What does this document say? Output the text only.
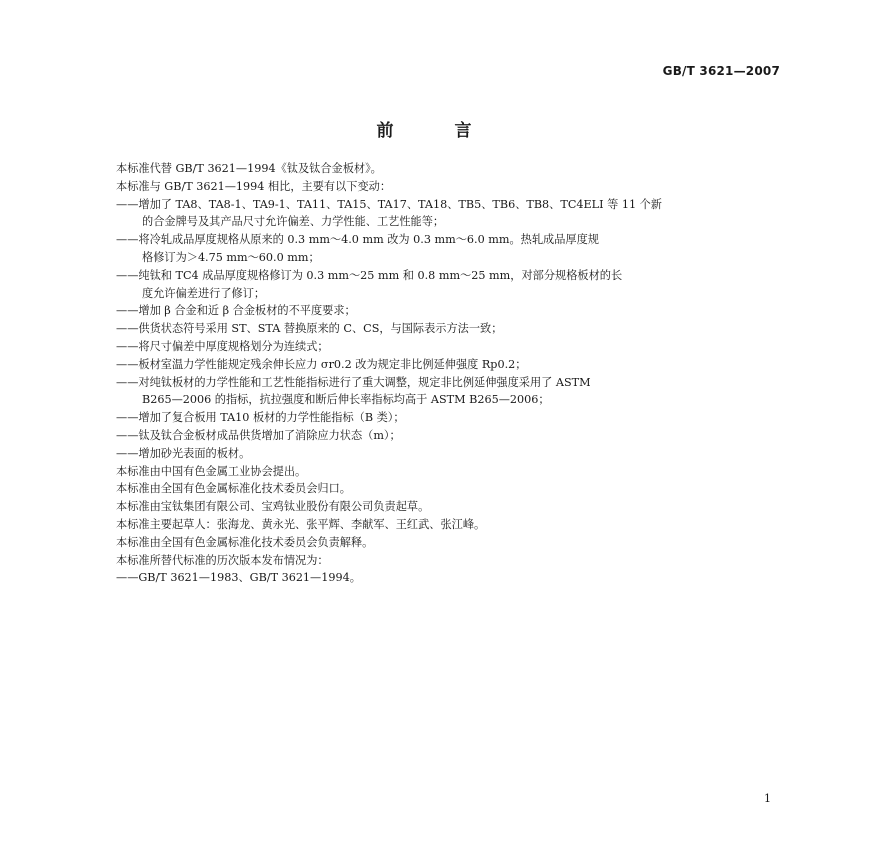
GB/T 3621—2007
前　言
本标准代替 GB/T 3621—1994《钛及钛合金板材》。
本标准与 GB/T 3621—1994 相比，主要有以下变动：
——增加了 TA8、TA8-1、TA9-1、TA11、TA15、TA17、TA18、TB5、TB6、TB8、TC4ELI 等 11 个新
的合金牌号及其产品尺寸允许偏差、力学性能、工艺性能等；
——将冷轧成品厚度规格从原来的 0.3 mm～4.0 mm 改为 0.3 mm～6.0 mm。热轧成品厚度规
格修订为＞4.75 mm～60.0 mm；
——纯钛和 TC4 成品厚度规格修订为 0.3 mm～25 mm 和 0.8 mm～25 mm，对部分规格板材的长
度允许偏差进行了修订；
——增加 β 合金和近 β 合金板材的不平度要求；
——供货状态符号采用 ST、STA 替换原来的 C、CS，与国际表示方法一致；
——将尺寸偏差中厚度规格划分为连续式；
——板材室温力学性能规定残余伸长应力 σr0.2 改为规定非比例延伸强度 Rp0.2；
——对纯钛板材的力学性能和工艺性能指标进行了重大调整，规定非比例延伸强度采用了 ASTM
B265—2006 的指标，抗拉强度和断后伸长率指标均高于 ASTM B265—2006；
——增加了复合板用 TA10 板材的力学性能指标（B 类）；
——钛及钛合金板材成品供货增加了消除应力状态（m）；
——增加砂光表面的板材。
本标准由中国有色金属工业协会提出。
本标准由全国有色金属标准化技术委员会归口。
本标准由宝钛集团有限公司、宝鸡钛业股份有限公司负责起草。
本标准主要起草人：张海龙、黄永光、张平辉、李献军、王红武、张江峰。
本标准由全国有色金属标准化技术委员会负责解释。
本标准所替代标准的历次版本发布情况为：
——GB/T 3621—1983、GB/T 3621—1994。
1
